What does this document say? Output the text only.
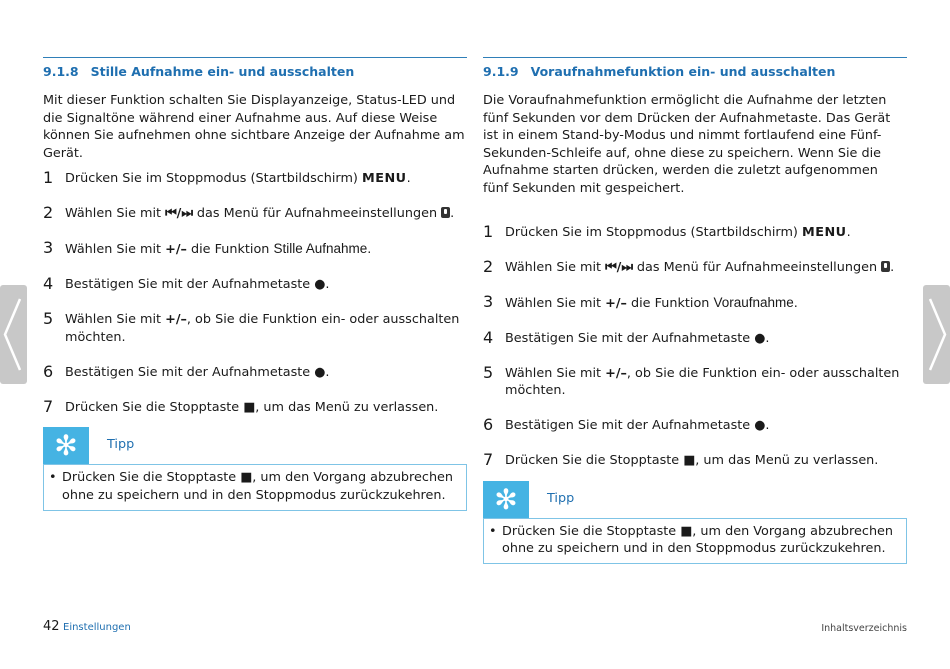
9.1.8 Stille Aufnahme ein- und ausschalten
Mit dieser Funktion schalten Sie Displayanzeige, Status-LED und die Signaltöne während einer Aufnahme aus. Auf diese Weise können Sie aufnehmen ohne sichtbare Anzeige der Aufnahme am Gerät.
1 Drücken Sie im Stoppmodus (Startbildschirm) MENU.
2 Wählen Sie mit ⏮/⏭ das Menü für Aufnahmeeinstellungen .
3 Wählen Sie mit +/– die Funktion Stille Aufnahme.
4 Bestätigen Sie mit der Aufnahmetaste ●.
5 Wählen Sie mit +/–, ob Sie die Funktion ein- oder ausschalten möchten.
6 Bestätigen Sie mit der Aufnahmetaste ●.
7 Drücken Sie die Stopptaste ■, um das Menü zu verlassen.
✻	Tipp
• Drücken Sie die Stopptaste ■, um den Vorgang abzubrechen ohne zu speichern und in den Stoppmodus zurückzukehren.
9.1.9 Voraufnahmefunktion ein- und ausschalten
Die Voraufnahmefunktion ermöglicht die Aufnahme der letzten fünf Sekunden vor dem Drücken der Aufnahmetaste. Das Gerät ist in einem Stand-by-Modus und nimmt fortlaufend eine Fünf-Sekunden-Schleife auf, ohne diese zu speichern. Wenn Sie die Aufnahme starten drücken, werden die zuletzt aufgenommen fünf Sekunden mit gespeichert.
1 Drücken Sie im Stoppmodus (Startbildschirm) MENU.
2 Wählen Sie mit ⏮/⏭ das Menü für Aufnahmeeinstellungen .
3 Wählen Sie mit +/– die Funktion Voraufnahme.
4 Bestätigen Sie mit der Aufnahmetaste ●.
5 Wählen Sie mit +/–, ob Sie die Funktion ein- oder ausschalten möchten.
6 Bestätigen Sie mit der Aufnahmetaste ●.
7 Drücken Sie die Stopptaste ■, um das Menü zu verlassen.
✻	Tipp
• Drücken Sie die Stopptaste ■, um den Vorgang abzubrechen ohne zu speichern und in den Stoppmodus zurückzukehren.
42 Einstellungen	Inhaltsverzeichnis
